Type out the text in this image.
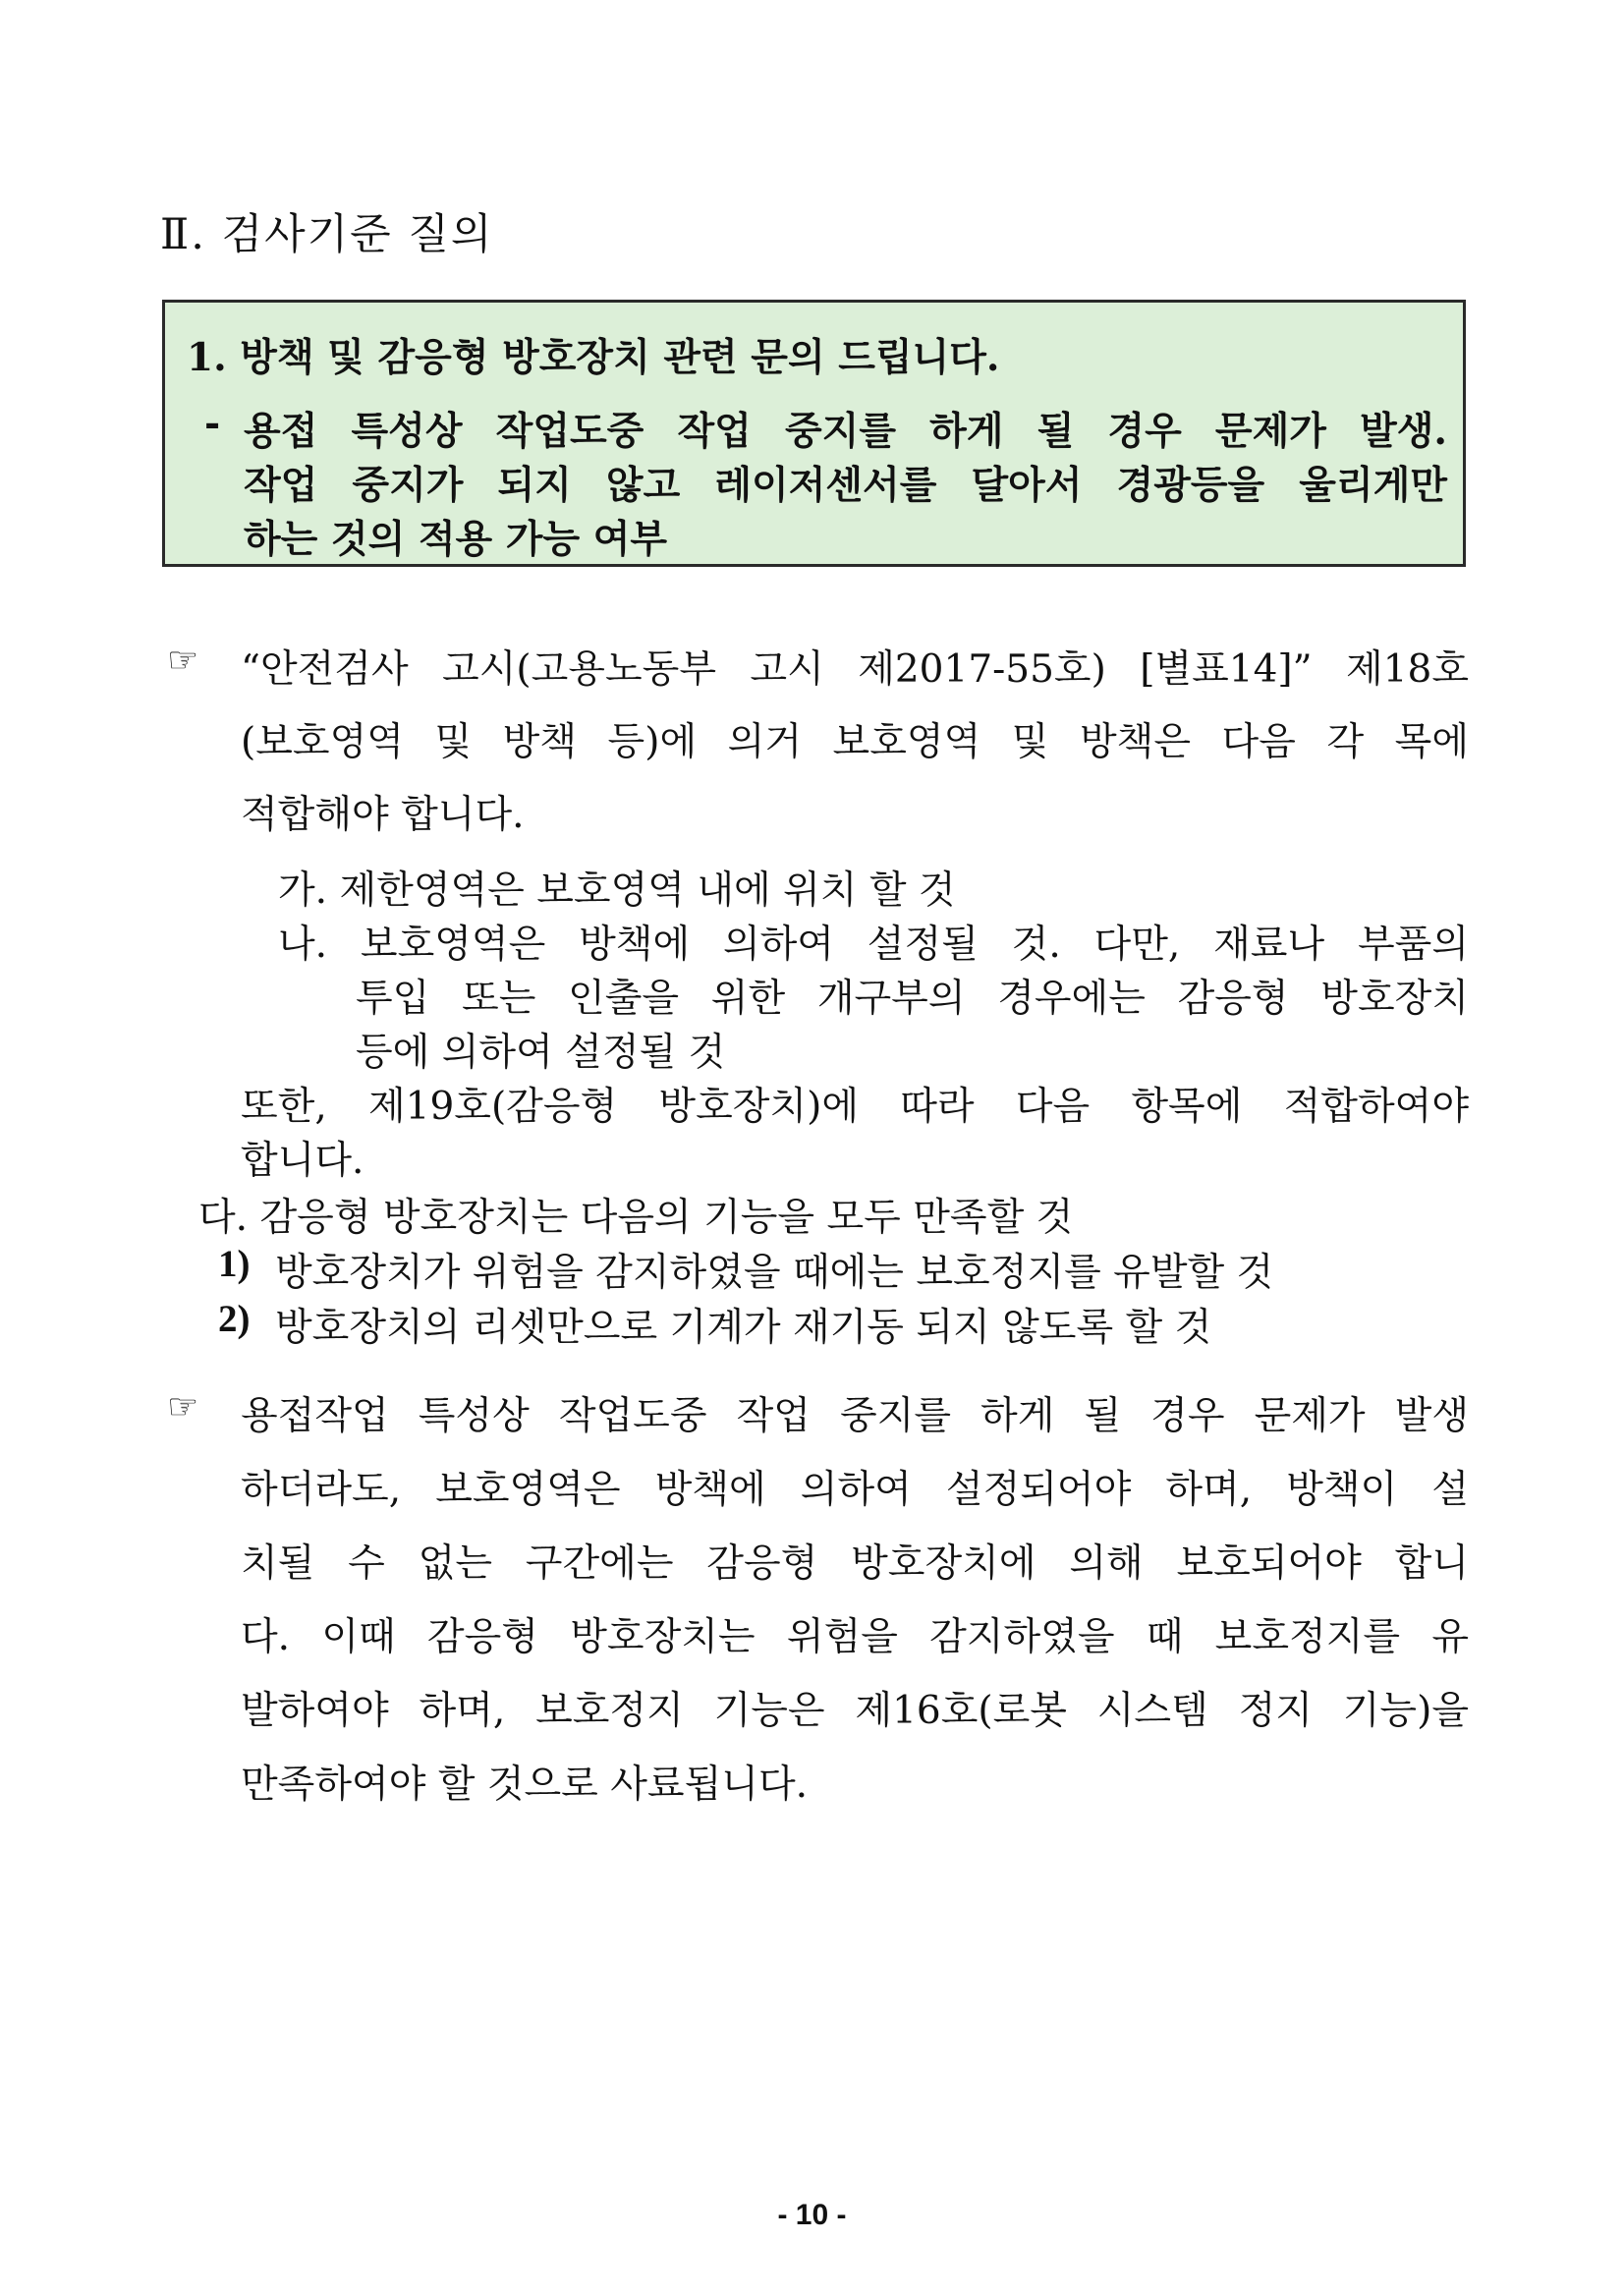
Ⅱ. 검사기준 질의
1. 방책 및 감응형 방호장치 관련 문의 드립니다.
- 용접 특성상 작업도중 작업 중지를 하게 될 경우 문제가 발생.
작업 중지가 되지 않고 레이저센서를 달아서 경광등을 울리게만
하는 것의 적용 가능 여부
☞ “안전검사 고시(고용노동부 고시 제2017-55호) [별표14]” 제18호
(보호영역 및 방책 등)에 의거 보호영역 및 방책은 다음 각 목에
적합해야 합니다.
가. 제한영역은 보호영역 내에 위치 할 것
나. 보호영역은 방책에 의하여 설정될 것. 다만, 재료나 부품의
투입 또는 인출을 위한 개구부의 경우에는 감응형 방호장치
등에 의하여 설정될 것
또한, 제19호(감응형 방호장치)에 따라 다음 항목에 적합하여야
합니다.
다. 감응형 방호장치는 다음의 기능을 모두 만족할 것
1) 방호장치가 위험을 감지하였을 때에는 보호정지를 유발할 것
2) 방호장치의 리셋만으로 기계가 재기동 되지 않도록 할 것
☞ 용접작업 특성상 작업도중 작업 중지를 하게 될 경우 문제가 발생
하더라도, 보호영역은 방책에 의하여 설정되어야 하며, 방책이 설
치될 수 없는 구간에는 감응형 방호장치에 의해 보호되어야 합니
다. 이때 감응형 방호장치는 위험을 감지하였을 때 보호정지를 유
발하여야 하며, 보호정지 기능은 제16호(로봇 시스템 정지 기능)을
만족하여야 할 것으로 사료됩니다.
- 10 -
